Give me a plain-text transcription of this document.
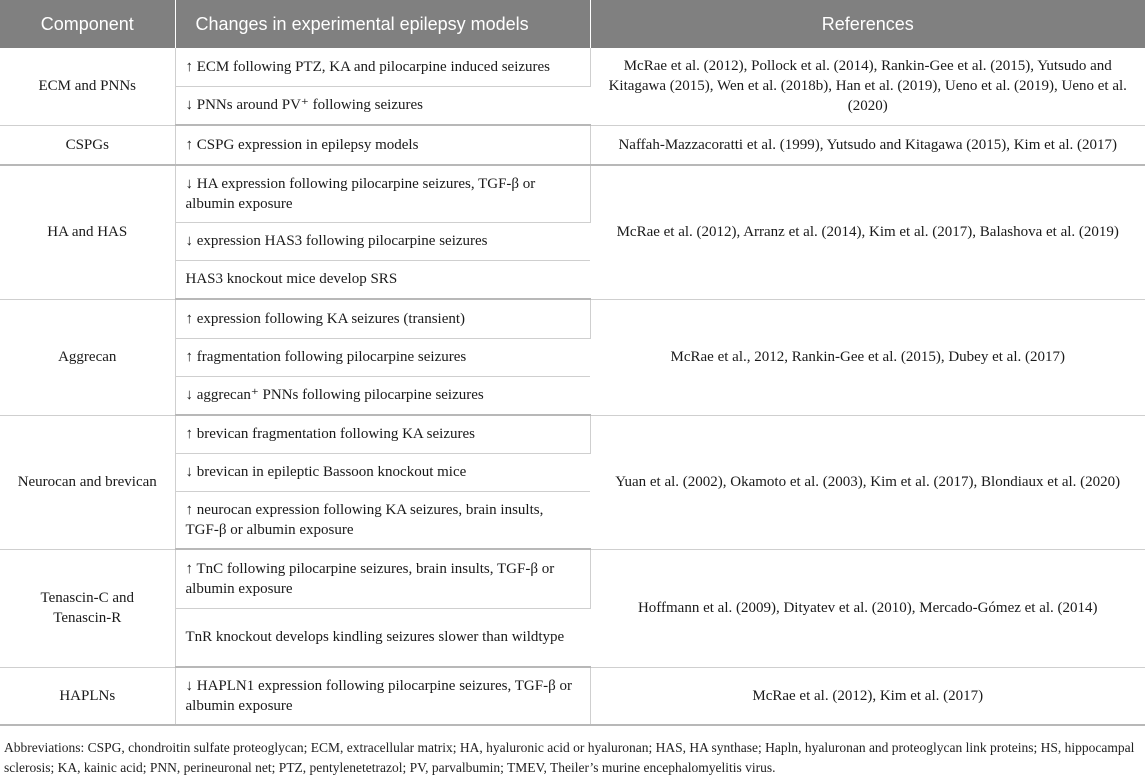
Component	Changes in experimental epilepsy models	References
ECM and PNNs	↑ ECM following PTZ, KA and pilocarpine induced seizures	McRae et al. (2012), Pollock et al. (2014), Rankin-Gee et al. (2015), Yutsudo and Kitagawa (2015), Wen et al. (2018b), Han et al. (2019), Ueno et al. (2019), Ueno et al. (2020)
	↓ PNNs around PV⁺ following seizures	
CSPGs	↑ CSPG expression in epilepsy models	Naffah-Mazzacoratti et al. (1999), Yutsudo and Kitagawa (2015), Kim et al. (2017)
HA and HAS	↓ HA expression following pilocarpine seizures, TGF-β or albumin exposure	McRae et al. (2012), Arranz et al. (2014), Kim et al. (2017), Balashova et al. (2019)
	↓ expression HAS3 following pilocarpine seizures	
	HAS3 knockout mice develop SRS	
Aggrecan	↑ expression following KA seizures (transient)	McRae et al., 2012, Rankin-Gee et al. (2015), Dubey et al. (2017)
	↑ fragmentation following pilocarpine seizures	
	↓ aggrecan⁺ PNNs following pilocarpine seizures	
Neurocan and brevican	↑ brevican fragmentation following KA seizures	Yuan et al. (2002), Okamoto et al. (2003), Kim et al. (2017), Blondiaux et al. (2020)
	↓ brevican in epileptic Bassoon knockout mice	
	↑ neurocan expression following KA seizures, brain insults, TGF-β or albumin exposure	
Tenascin-C and Tenascin-R	↑ TnC following pilocarpine seizures, brain insults, TGF-β or albumin exposure	Hoffmann et al. (2009), Dityatev et al. (2010), Mercado-Gómez et al. (2014)
	TnR knockout develops kindling seizures slower than wildtype	
HAPLNs	↓ HAPLN1 expression following pilocarpine seizures, TGF-β or albumin exposure	McRae et al. (2012), Kim et al. (2017)
Abbreviations: CSPG, chondroitin sulfate proteoglycan; ECM, extracellular matrix; HA, hyaluronic acid or hyaluronan; HAS, HA synthase; Hapln, hyaluronan and proteoglycan link proteins; HS, hippocampal sclerosis; KA, kainic acid; PNN, perineuronal net; PTZ, pentylenetetrazol; PV, parvalbumin; TMEV, Theiler’s murine encephalomyelitis virus.
